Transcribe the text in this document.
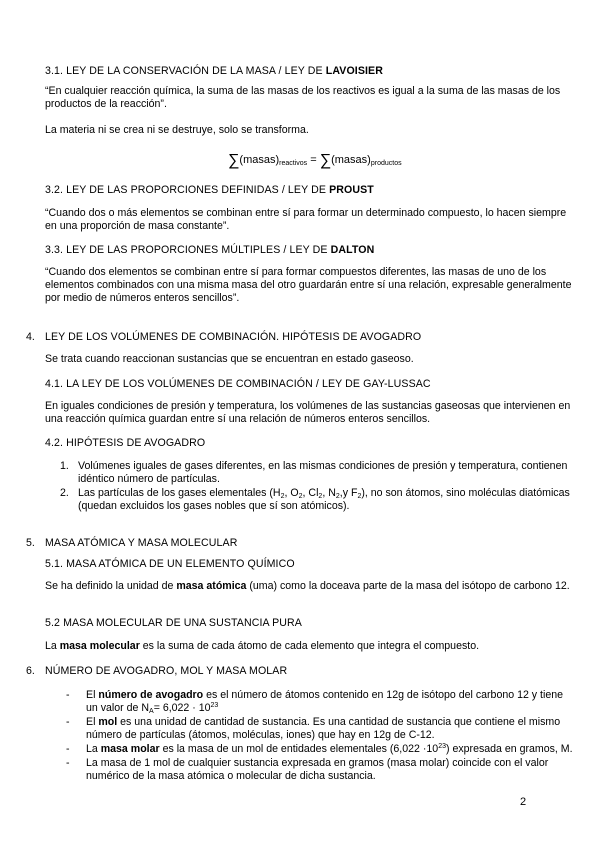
3.1. LEY DE LA CONSERVACIÓN DE LA MASA / LEY DE LAVOISIER

“En cualquier reacción química, la suma de las masas de los reactivos es igual a la suma de las masas de los productos de la reacción”.

La materia ni se crea ni se destruye, solo se transforma.

$\sum(masas)_{reactivos}$ = $\sum(masas)_{productos}$
3.2. LEY DE LAS PROPORCIONES DEFINIDAS / LEY DE PROUST

“Cuando dos o más elementos se combinan entre sí para formar un determinado compuesto, lo hacen siempre en una proporción de masa constante”.

3.3. LEY DE LAS PROPORCIONES MÚLTIPLES / LEY DE DALTON

“Cuando dos elementos se combinan entre sí para formar compuestos diferentes, las masas de uno de los elementos combinados con una misma masa del otro guardarán entre sí una relación, expresable generalmente por medio de números enteros sencillos”.

4. LEY DE LOS VOLÚMENES DE COMBINACIÓN. HIPÓTESIS DE AVOGADRO

Se trata cuando reaccionan sustancias que se encuentran en estado gaseoso.

4.1. LA LEY DE LOS VOLÚMENES DE COMBINACIÓN / LEY DE GAY-LUSSAC

En iguales condiciones de presión y temperatura, los volúmenes de las sustancias gaseosas que intervienen en una reacción química guardan entre sí una relación de números enteros sencillos.

4.2. HIPÓTESIS DE AVOGADRO
1. Volúmenes iguales de gases diferentes, en las mismas condiciones de presión y temperatura, contienen idéntico número de partículas.
2. Las partículas de los gases elementales ($H_2$, $O_2$, $Cl_2$, $N_2,y$ $F_2$), no son átomos, sino moléculas diatómicas (quedan excluidos los gases nobles que sí son atómicos).
5. MASA ATÓMICA Y MASA MOLECULAR
5.1. MASA ATÓMICA DE UN ELEMENTO QUÍMICO

Se ha definido la unidad de masa atómica (uma) como la doceava parte de la masa del isótopo de carbono 12.

5.2 MASA MOLECULAR DE UNA SUSTANCIA PURA

La masa molecular es la suma de cada átomo de cada elemento que integra el compuesto.

6. NÚMERO DE AVOGADRO, MOL Y MASA MOLAR
- El número de avogadro es el número de átomos contenido en 12g de isótopo del carbono 12 y tiene un valor de $N_A= 6,022 \cdot 10^{23}$
- El mol es una unidad de cantidad de sustancia. Es una cantidad de sustancia que contiene el mismo número de partículas (átomos, moléculas, iones) que hay en 12g de C-12.
- La masa molar es la masa de un mol de entidades elementales $(6,022 \cdot 10^{23})$ expresada en gramos, M.
- La masa de 1 mol de cualquier sustancia expresada en gramos (masa molar) coincide con el valor numérico de la masa atómica o molecular de dicha sustancia.
2
